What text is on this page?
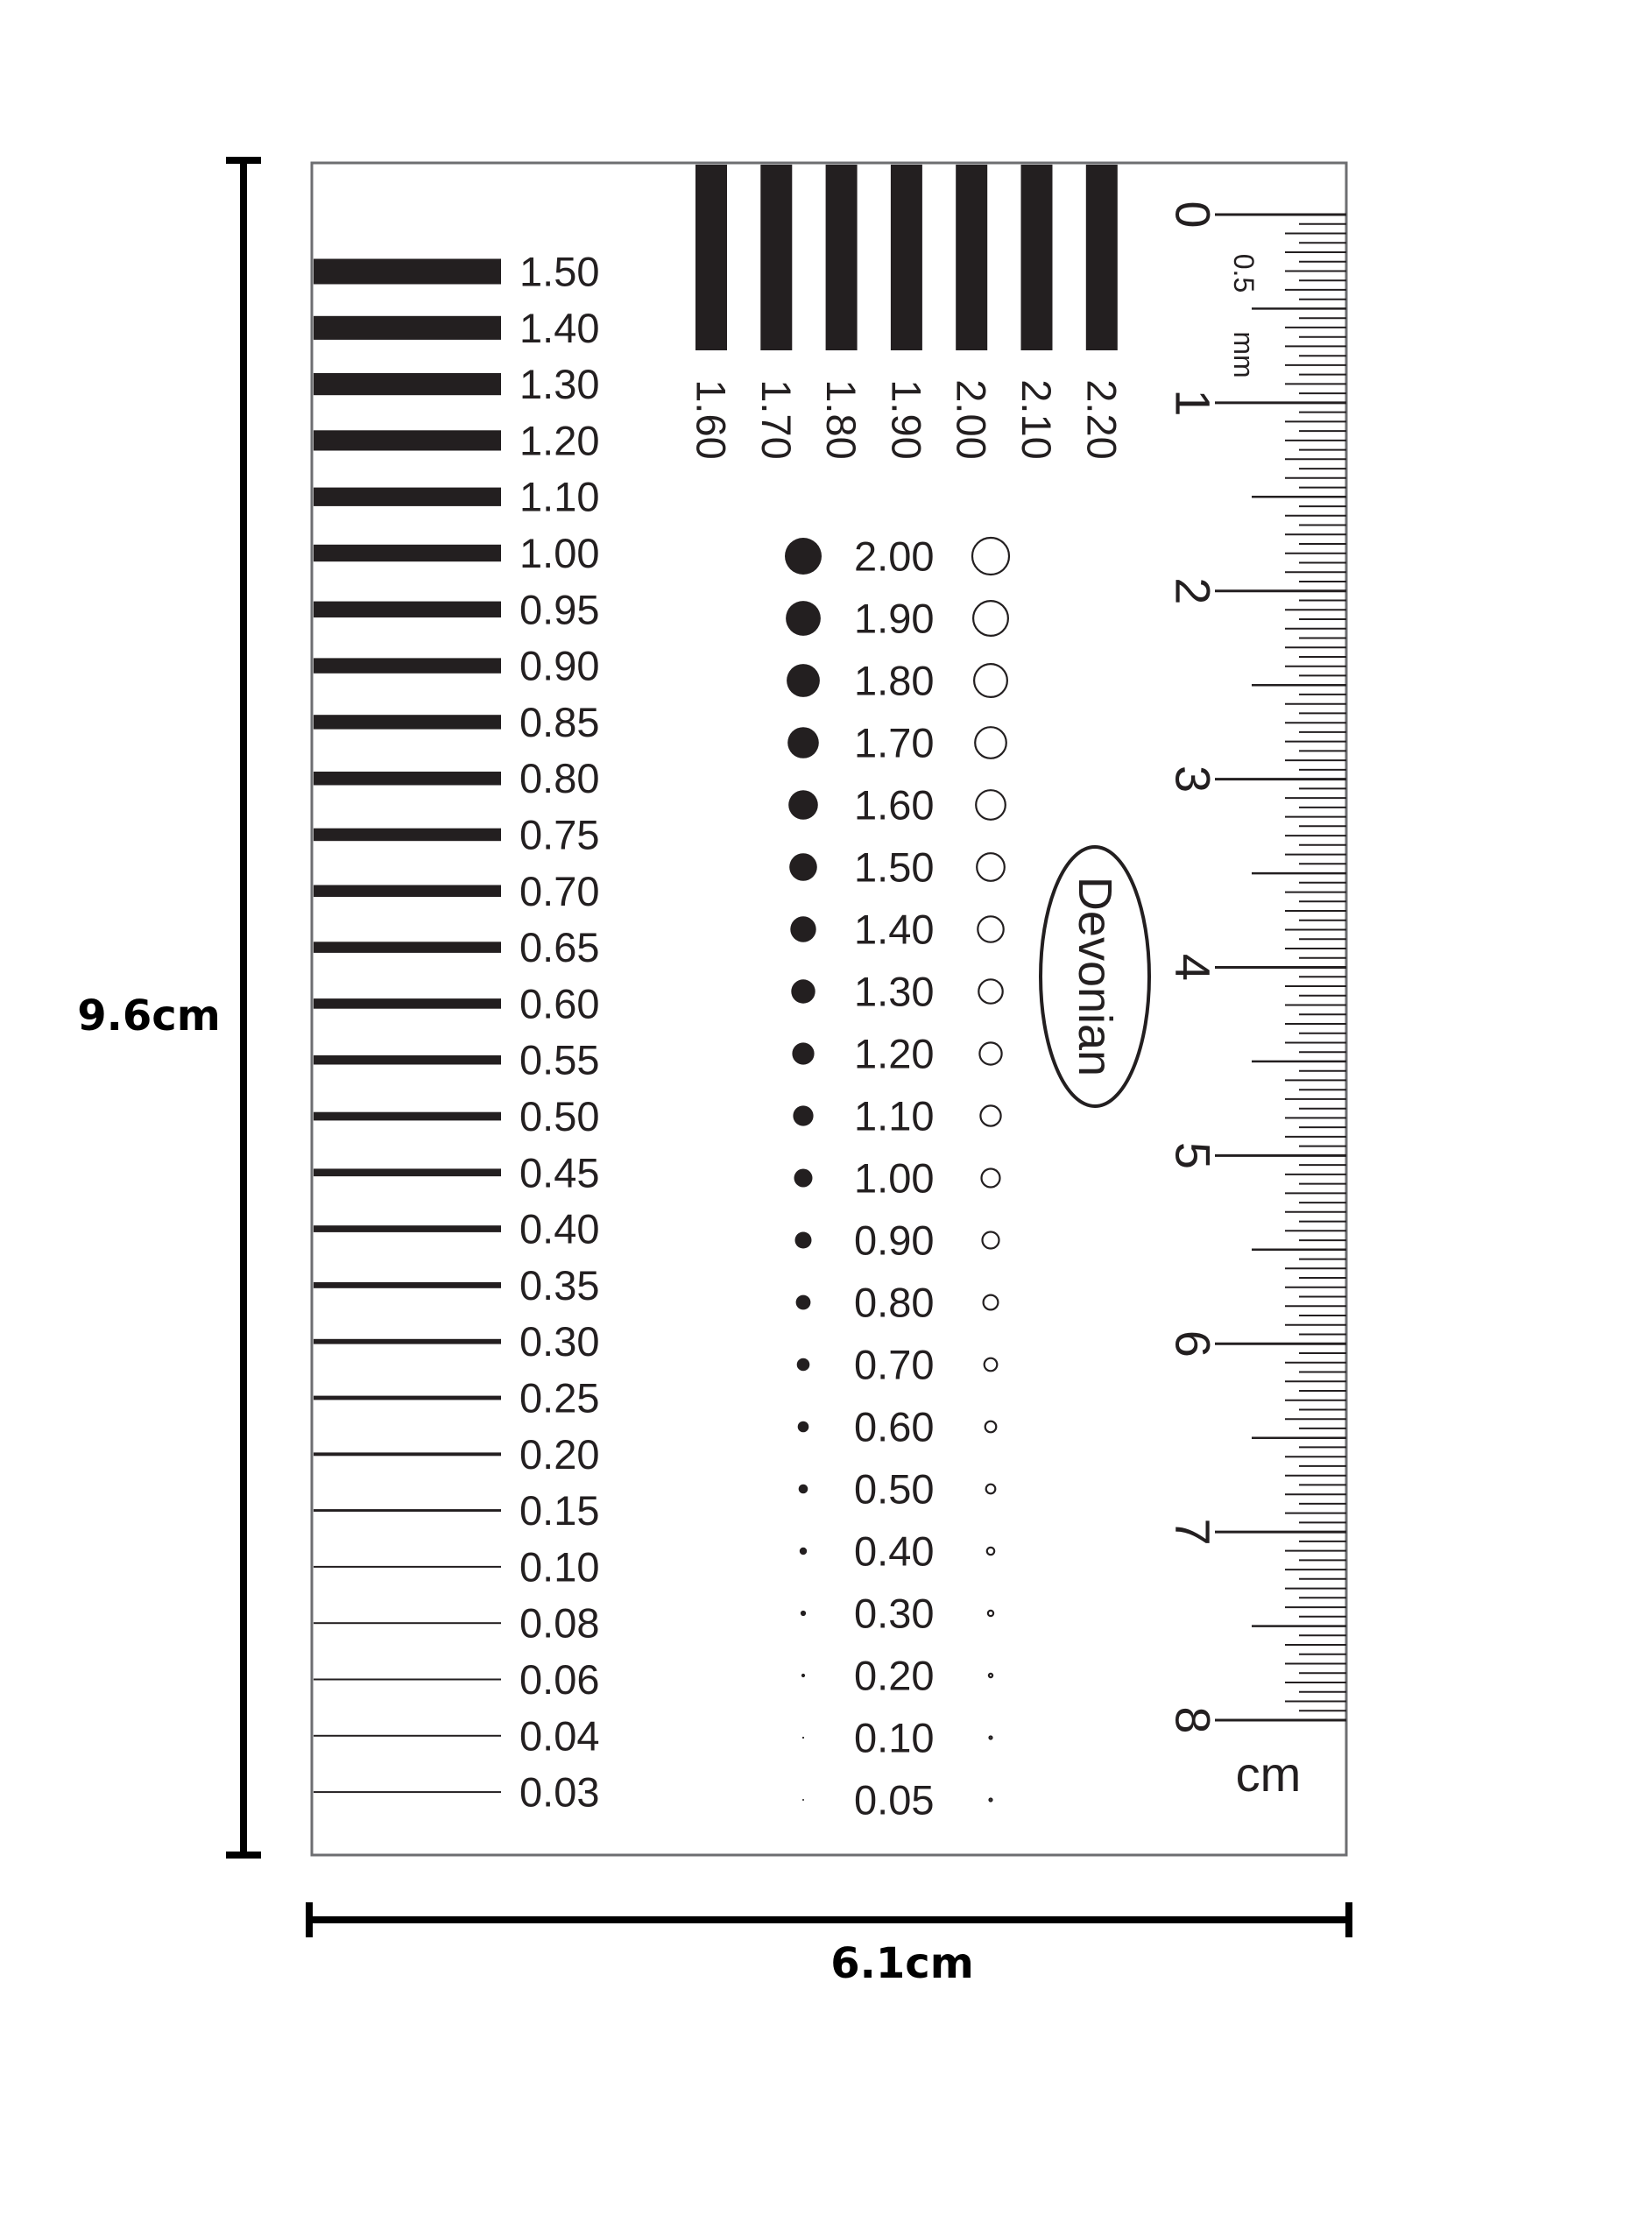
9.6cm
6.1cm
1.50
1.40
1.30
1.20
1.10
1.00
0.95
0.90
0.85
0.80
0.75
0.70
0.65
0.60
0.55
0.50
0.45
0.40
0.35
0.30
0.25
0.20
0.15
0.10
0.08
0.06
0.04
0.03
1.60 1.70 1.80 1.90 2.00 2.10 2.20
2.00
1.90
1.80
1.70
1.60
1.50
1.40
1.30
1.20
1.10
1.00
0.90
0.80
0.70
0.60
0.50
0.40
0.30
0.20
0.10
0.05
Devonian
0
1
2
3
4
5
6
7
8
0.5
mm
cm
